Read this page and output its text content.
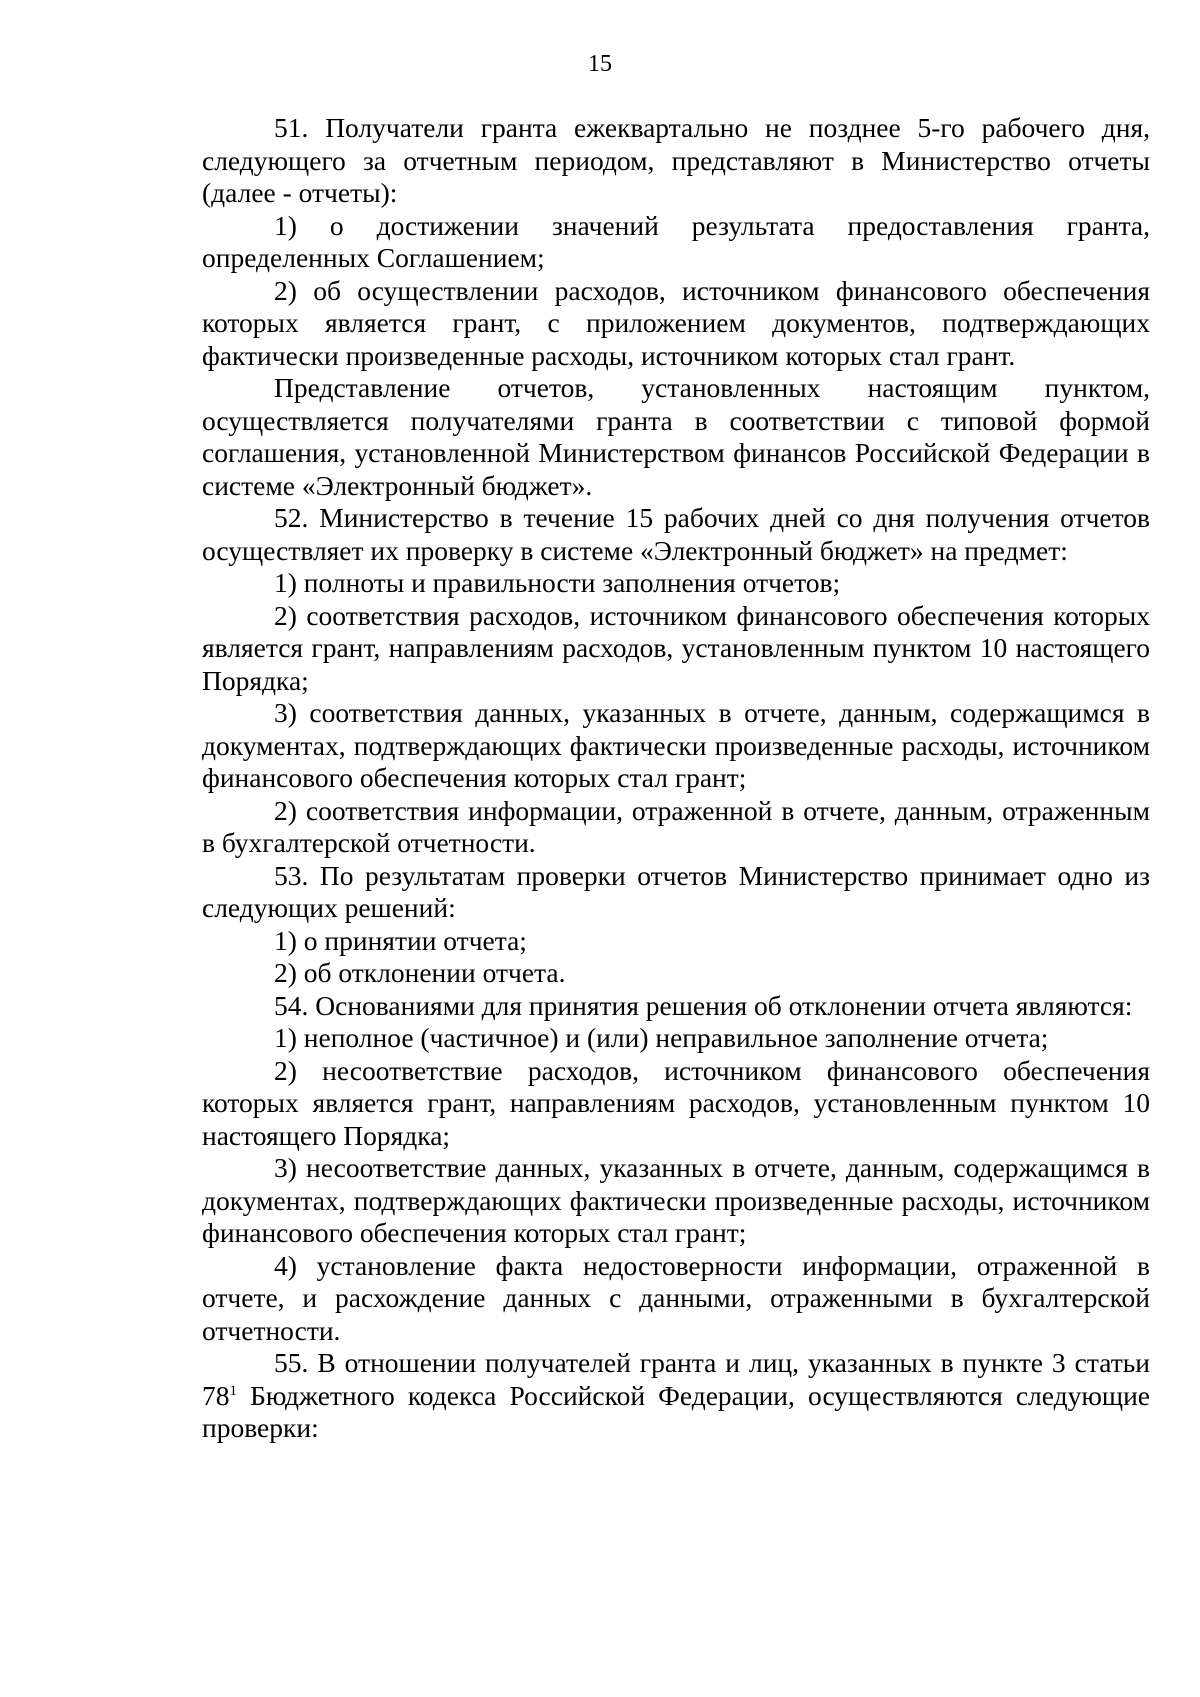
15

51. Получатели гранта ежеквартально не позднее 5-го рабочего дня, следующего за отчетным периодом, представляют в Министерство отчеты (далее - отчеты):

1) о достижении значений результата предоставления гранта, определенных Соглашением;

2) об осуществлении расходов, источником финансового обеспечения которых является грант, с приложением документов, подтверждающих фактически произведенные расходы, источником которых стал грант.

Представление отчетов, установленных настоящим пунктом, осуществляется получателями гранта в соответствии с типовой формой соглашения, установленной Министерством финансов Российской Федерации в системе «Электронный бюджет».

52. Министерство в течение 15 рабочих дней со дня получения отчетов осуществляет их проверку в системе «Электронный бюджет» на предмет:

1) полноты и правильности заполнения отчетов;

2) соответствия расходов, источником финансового обеспечения которых является грант, направлениям расходов, установленным пунктом 10 настоящего Порядка;

3) соответствия данных, указанных в отчете, данным, содержащимся в документах, подтверждающих фактически произведенные расходы, источником финансового обеспечения которых стал грант;

2) соответствия информации, отраженной в отчете, данным, отраженным в бухгалтерской отчетности.

53. По результатам проверки отчетов Министерство принимает одно из следующих решений:

1) о принятии отчета;

2) об отклонении отчета.

54. Основаниями для принятия решения об отклонении отчета являются:

1) неполное (частичное) и (или) неправильное заполнение отчета;

2) несоответствие расходов, источником финансового обеспечения которых является грант, направлениям расходов, установленным пунктом 10 настоящего Порядка;

3) несоответствие данных, указанных в отчете, данным, содержащимся в документах, подтверждающих фактически произведенные расходы, источником финансового обеспечения которых стал грант;

4) установление факта недостоверности информации, отраженной в отчете, и расхождение данных с данными, отраженными в бухгалтерской отчетности.

55. В отношении получателей гранта и лиц, указанных в пункте 3 статьи $78^1$ Бюджетного кодекса Российской Федерации, осуществляются следующие проверки:
